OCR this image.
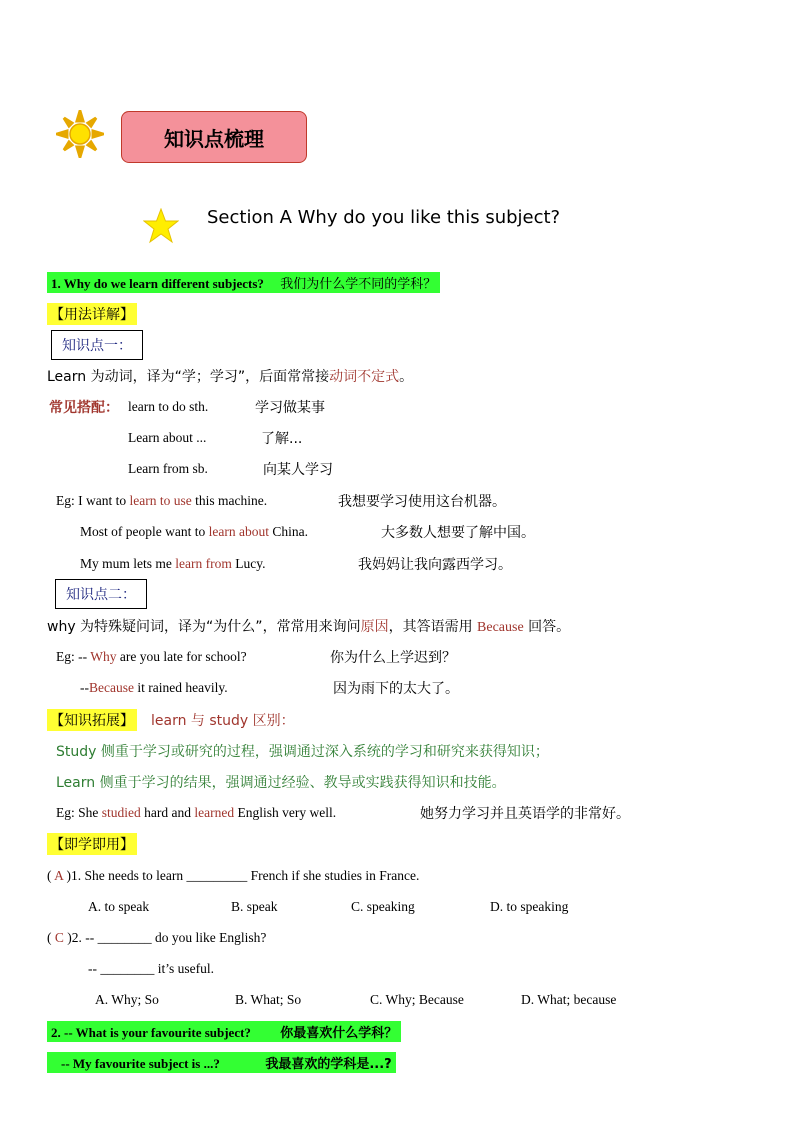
知识点梳理
Section A Why do you like this subject?
1. Why do we learn different subjects? 我们为什么学不同的学科？
【用法详解】
知识点一：
Learn 为动词，译为“学；学习”，后面常常接动词不定式。
常见搭配： learn to do sth.	学习做某事
Learn about ...	了解...
Learn from sb.	向某人学习
Eg: I want to learn to use this machine.	我想要学习使用这台机器。
Most of people want to learn about China.	大多数人想要了解中国。
My mum lets me learn from Lucy.	我妈妈让我向露西学习。
知识点二：
why 为特殊疑问词，译为“为什么”，常常用来询问原因，其答语需用 Because 回答。
Eg: -- Why are you late for school?	你为什么上学迟到？
--Because it rained heavily.	因为雨下的太大了。
【知识拓展】 learn 与 study 区别：
Study 侧重于学习或研究的过程，强调通过深入系统的学习和研究来获得知识；
Learn 侧重于学习的结果，强调通过经验、教导或实践获得知识和技能。
Eg: She studied hard and learned English very well.	她努力学习并且英语学的非常好。
【即学即用】
( A )1. She needs to learn _________ French if she studies in France.
A. to speak	B. speak	C. speaking	D. to speaking
( C )2. -- ________ do you like English?
-- ________ it’s useful.
A. Why; So	B. What; So	C. Why; Because	D. What; because
2. -- What is your favourite subject? 你最喜欢什么学科？
-- My favourite subject is ...?	我最喜欢的学科是...?
